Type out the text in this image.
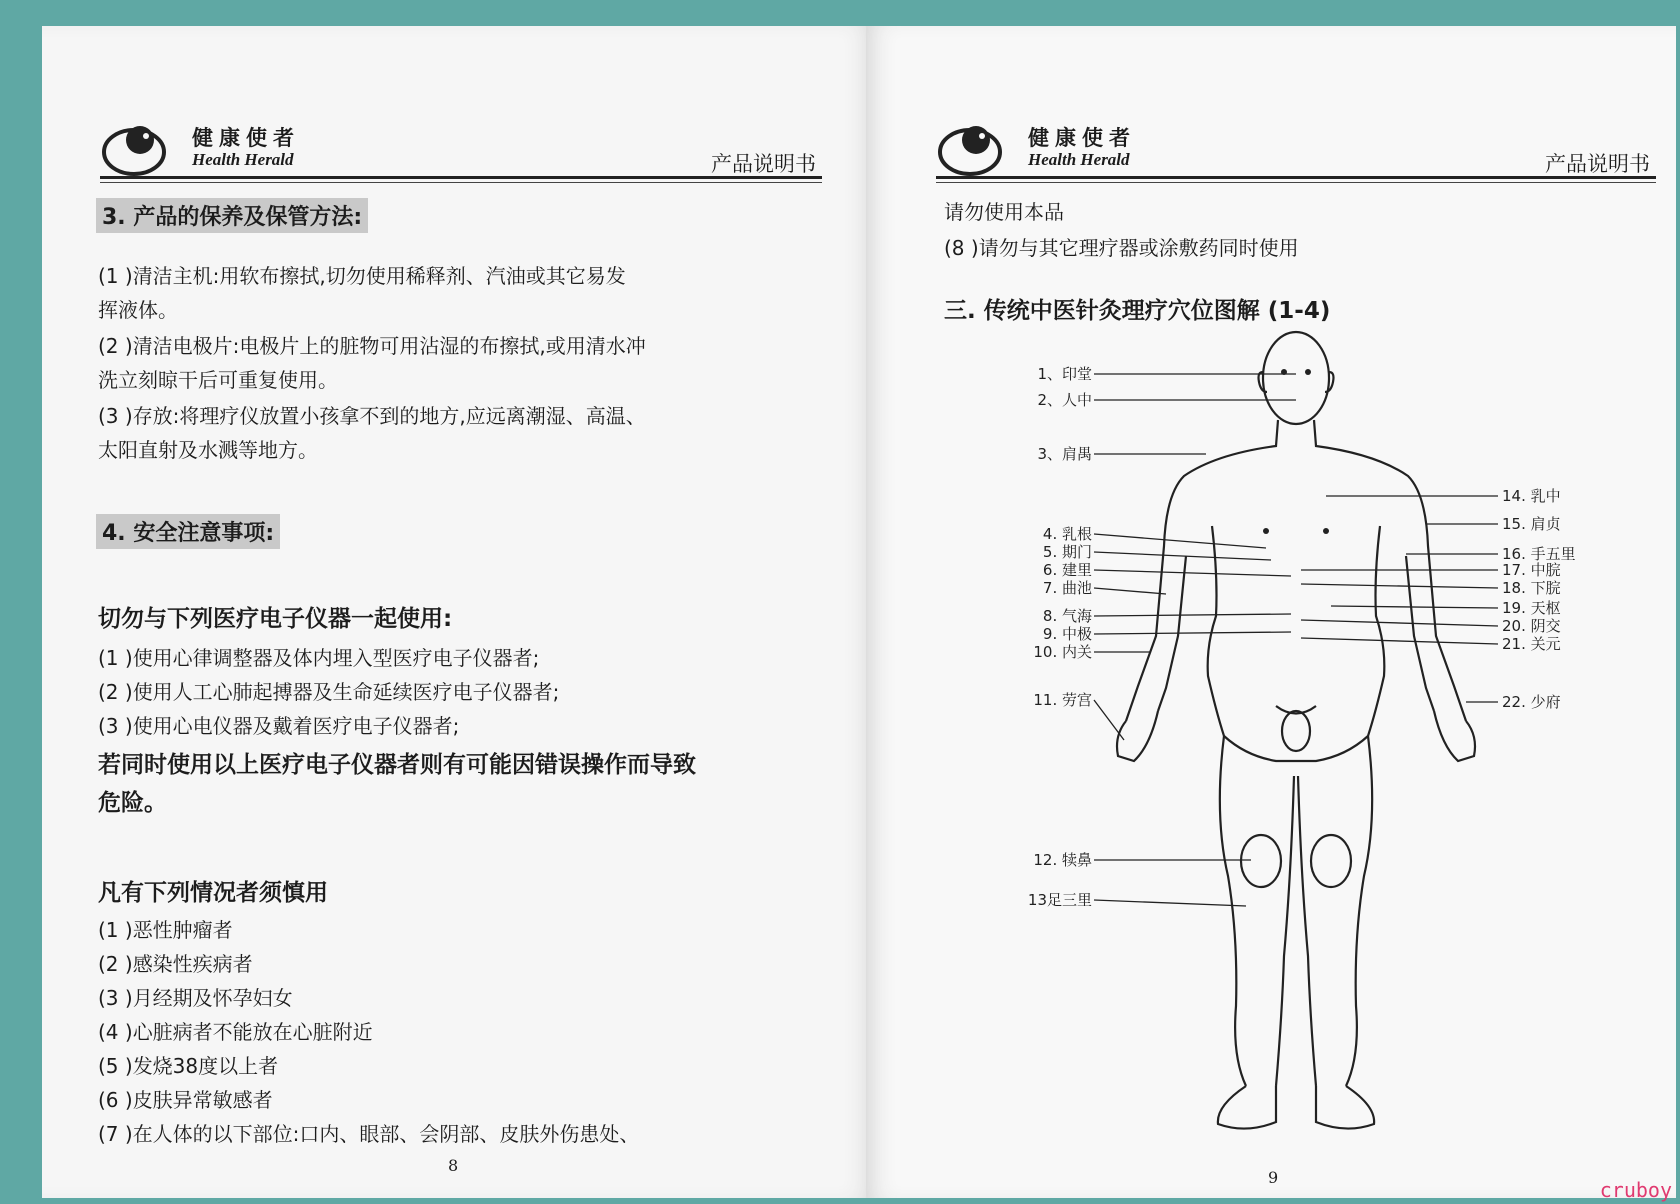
健康使者
Health Herald	产品说明书
3. 产品的保养及保管方法:
(1 )清洁主机:用软布擦拭,切勿使用稀释剂、汽油或其它易发
挥液体。
(2 )清洁电极片:电极片上的脏物可用沾湿的布擦拭,或用清水冲
洗立刻晾干后可重复使用。
(3 )存放:将理疗仪放置小孩拿不到的地方,应远离潮湿、高温、
太阳直射及水溅等地方。
4. 安全注意事项:
切勿与下列医疗电子仪器一起使用:
(1 )使用心律调整器及体内埋入型医疗电子仪器者;
(2 )使用人工心肺起搏器及生命延续医疗电子仪器者;
(3 )使用心电仪器及戴着医疗电子仪器者;
若同时使用以上医疗电子仪器者则有可能因错误操作而导致
危险。
凡有下列情况者须慎用
(1 )恶性肿瘤者
(2 )感染性疾病者
(3 )月经期及怀孕妇女
(4 )心脏病者不能放在心脏附近
(5 )发烧38度以上者
(6 )皮肤异常敏感者
(7 )在人体的以下部位:口内、眼部、会阴部、皮肤外伤患处、
8
健康使者
Health Herald	产品说明书
请勿使用本品
(8 )请勿与其它理疗器或涂敷药同时使用
三. 传统中医针灸理疗穴位图解 (1-4)
1、印堂
2、人中
3、肩禺
4. 乳根
5. 期门
6. 建里
7. 曲池
8. 气海
9. 中极
10. 内关
11. 劳宫
12. 犊鼻
13足三里
14. 乳中
15. 肩贞
16. 手五里
17. 中脘
18. 下脘
19. 天枢
20. 阴交
21. 关元
22. 少府
9
cruboy
